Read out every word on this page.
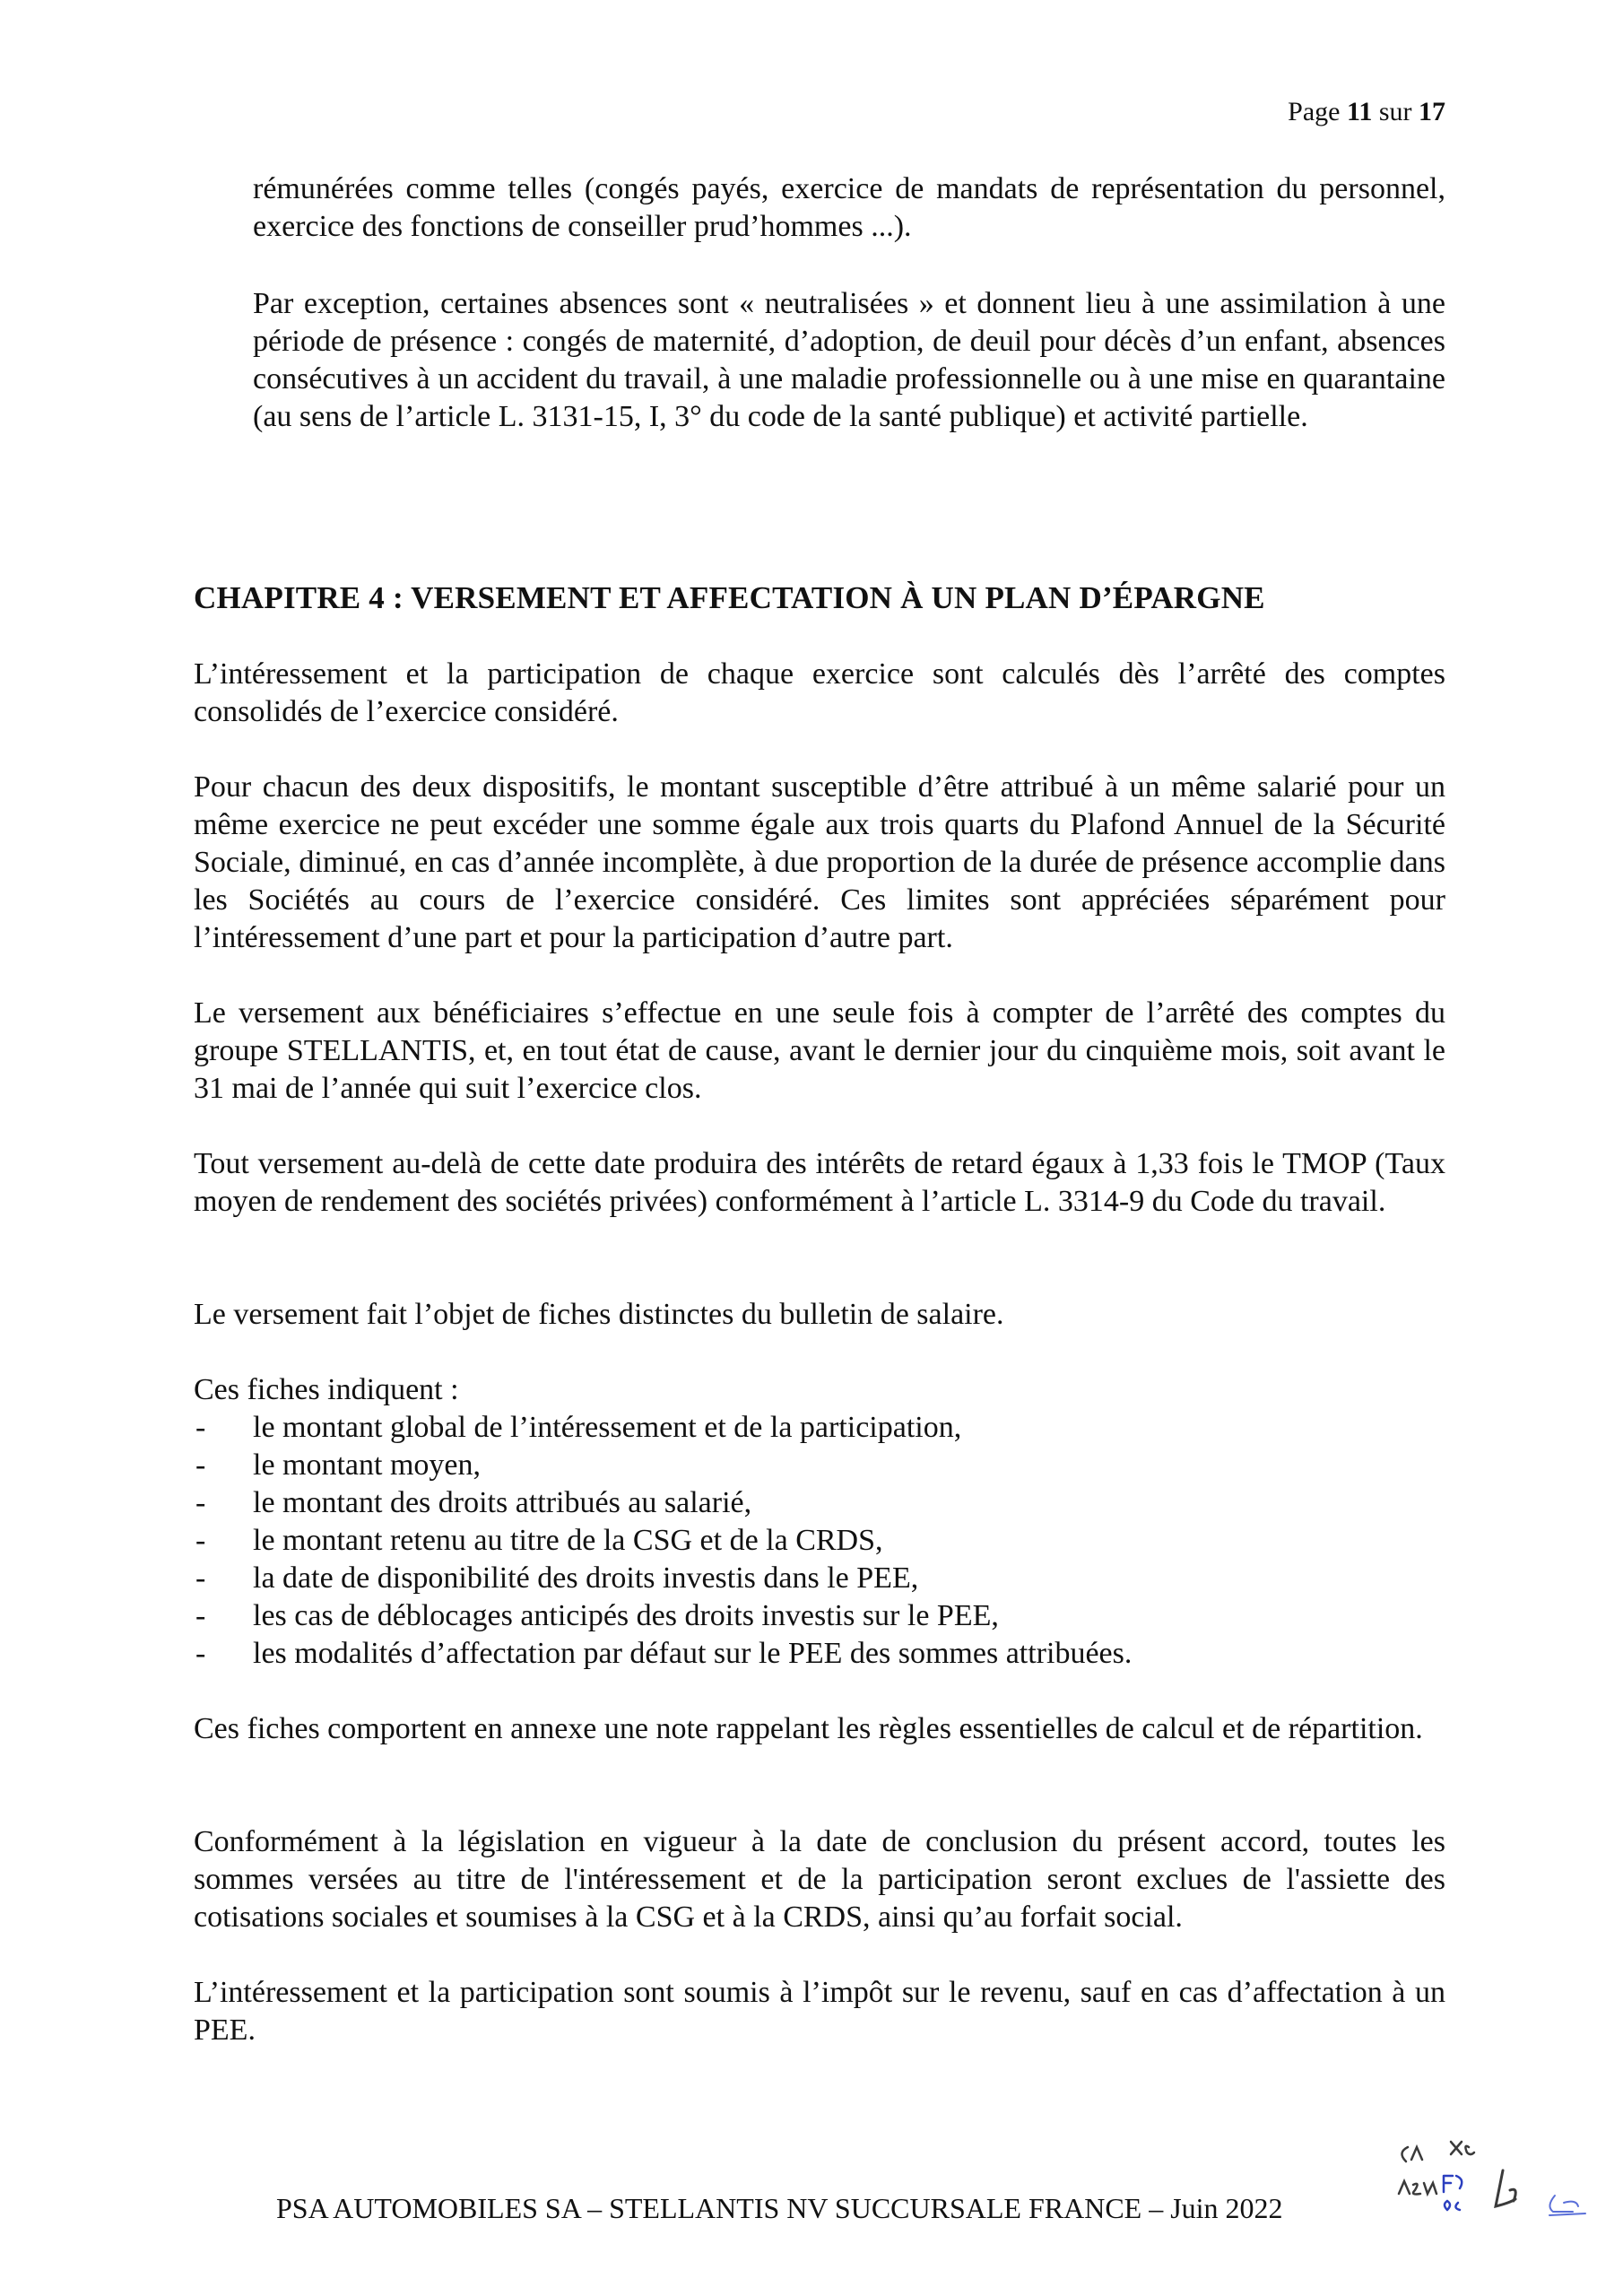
Page 11 sur 17

rémunérées comme telles (congés payés, exercice de mandats de représentation du personnel, exercice des fonctions de conseiller prud’hommes ...).

Par exception, certaines absences sont « neutralisées » et donnent lieu à une assimilation à une période de présence : congés de maternité, d’adoption, de deuil pour décès d’un enfant, absences consécutives à un accident du travail, à une maladie professionnelle ou à une mise en quarantaine (au sens de l’article L. 3131-15, I, 3° du code de la santé publique) et activité partielle.

CHAPITRE 4 : VERSEMENT ET AFFECTATION À UN PLAN D’ÉPARGNE

L’intéressement et la participation de chaque exercice sont calculés dès l’arrêté des comptes consolidés de l’exercice considéré.

Pour chacun des deux dispositifs, le montant susceptible d’être attribué à un même salarié pour un même exercice ne peut excéder une somme égale aux trois quarts du Plafond Annuel de la Sécurité Sociale, diminué, en cas d’année incomplète, à due proportion de la durée de présence accomplie dans les Sociétés au cours de l’exercice considéré. Ces limites sont appréciées séparément pour l’intéressement d’une part et pour la participation d’autre part.

Le versement aux bénéficiaires s’effectue en une seule fois à compter de l’arrêté des comptes du groupe STELLANTIS, et, en tout état de cause, avant le dernier jour du cinquième mois, soit avant le 31 mai de l’année qui suit l’exercice clos.

Tout versement au-delà de cette date produira des intérêts de retard égaux à 1,33 fois le TMOP (Taux moyen de rendement des sociétés privées) conformément à l’article L. 3314-9 du Code du travail.

Le versement fait l’objet de fiches distinctes du bulletin de salaire.

Ces fiches indiquent :

- le montant global de l’intéressement et de la participation,
- le montant moyen,
- le montant des droits attribués au salarié,
- le montant retenu au titre de la CSG et de la CRDS,
- la date de disponibilité des droits investis dans le PEE,
- les cas de déblocages anticipés des droits investis sur le PEE,
- les modalités d’affectation par défaut sur le PEE des sommes attribuées.

Ces fiches comportent en annexe une note rappelant les règles essentielles de calcul et de répartition.

Conformément à la législation en vigueur à la date de conclusion du présent accord, toutes les sommes versées au titre de l'intéressement et de la participation seront exclues de l'assiette des cotisations sociales et soumises à la CSG et à la CRDS, ainsi qu’au forfait social.

L’intéressement et la participation sont soumis à l’impôt sur le revenu, sauf en cas d’affectation à un PEE.

PSA AUTOMOBILES SA – STELLANTIS NV SUCCURSALE FRANCE – Juin 2022
